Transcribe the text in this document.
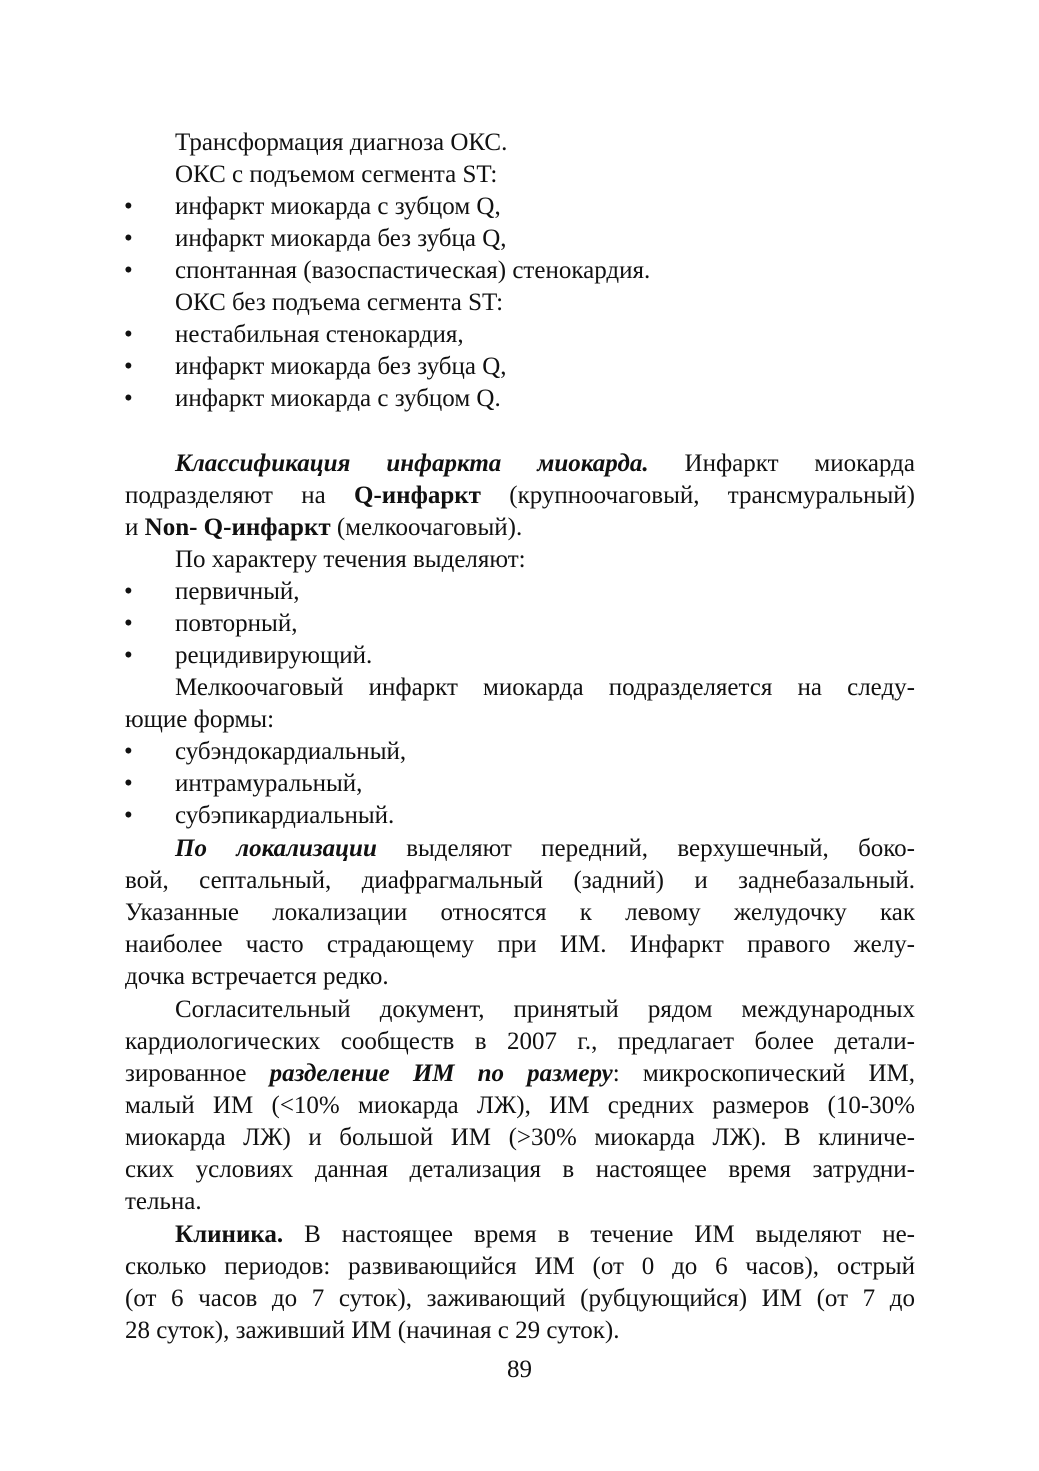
Трансформация диагноза ОКС.
ОКС с подъемом сегмента ST:
• инфаркт миокарда с зубцом Q,
• инфаркт миокарда без зубца Q,
• спонтанная (вазоспастическая) стенокардия.
ОКС без подъема сегмента ST:
• нестабильная стенокардия,
• инфаркт миокарда без зубца Q,
• инфаркт миокарда с зубцом Q.
Классификация инфаркта миокарда. Инфаркт миокарда
подразделяют на Q-инфаркт (крупноочаговый, трансмуральный)
и Non- Q-инфаркт (мелкоочаговый).
По характеру течения выделяют:
• первичный,
• повторный,
• рецидивирующий.
Мелкоочаговый инфаркт миокарда подразделяется на следу-
ющие формы:
• субэндокардиальный,
• интрамуральный,
• субэпикардиальный.
По локализации выделяют передний, верхушечный, боко-
вой, септальный, диафрагмальный (задний) и заднебазальный.
Указанные локализации относятся к левому желудочку как
наиболее часто страдающему при ИМ. Инфаркт правого желу-
дочка встречается редко.
Согласительный документ, принятый рядом международных
кардиологических сообществ в 2007 г., предлагает более детали-
зированное разделение ИМ по размеру: микроскопический ИМ,
малый ИМ (<10% миокарда ЛЖ), ИМ средних размеров (10-30%
миокарда ЛЖ) и большой ИМ (>30% миокарда ЛЖ). В клиниче-
ских условиях данная детализация в настоящее время затрудни-
тельна.
Клиника. В настоящее время в течение ИМ выделяют не-
сколько периодов: развивающийся ИМ (от 0 до 6 часов), острый
(от 6 часов до 7 суток), заживающий (рубцующийся) ИМ (от 7 до
28 суток), заживший ИМ (начиная с 29 суток).
89
